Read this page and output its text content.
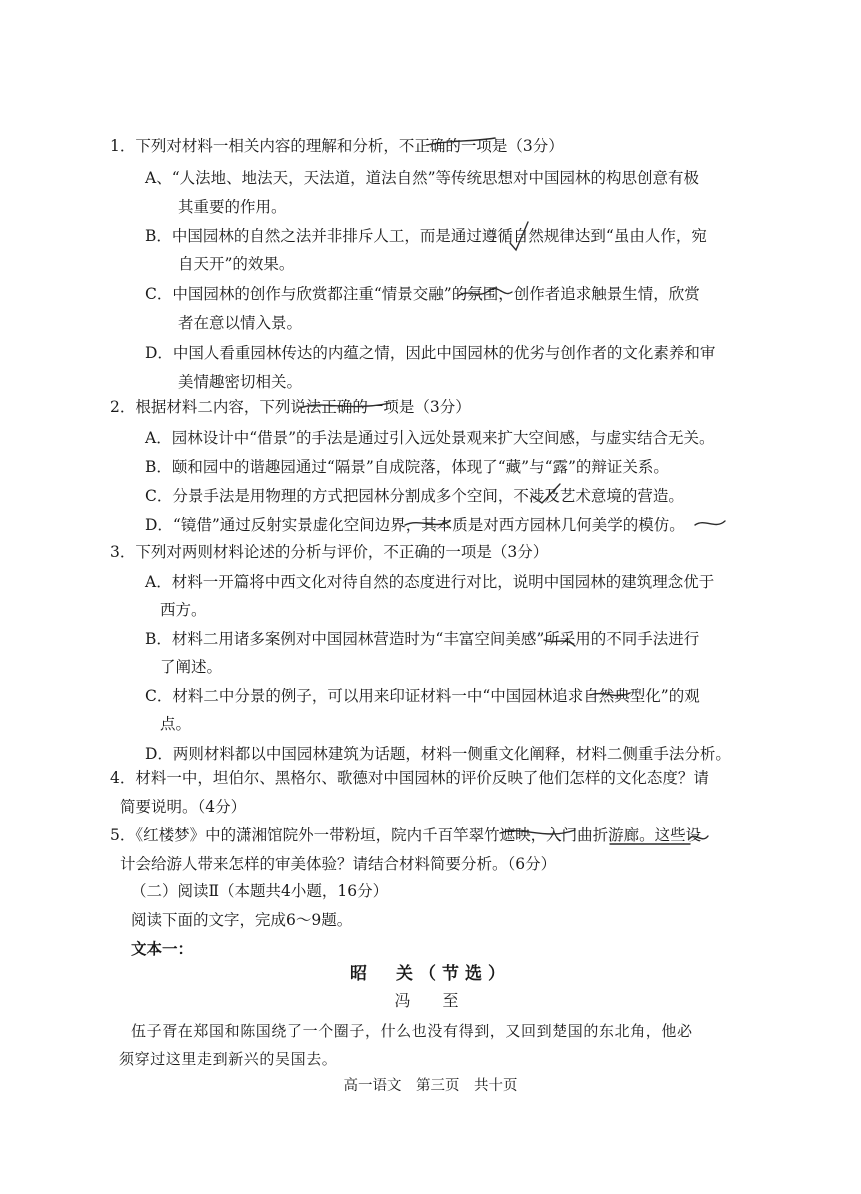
1．下列对材料一相关内容的理解和分析，不正确的一项是（3分）
A、“人法地、地法天，天法道，道法自然”等传统思想对中国园林的构思创意有极
其重要的作用。
B．中国园林的自然之法并非排斥人工，而是通过遵循自然规律达到“虽由人作，宛
自天开”的效果。
C．中国园林的创作与欣赏都注重“情景交融”的氛围，创作者追求触景生情，欣赏
者在意以情入景。
D．中国人看重园林传达的内蕴之情，因此中国园林的优劣与创作者的文化素养和审
美情趣密切相关。
2．根据材料二内容，下列说法正确的一项是（3分）
A．园林设计中“借景”的手法是通过引入远处景观来扩大空间感，与虚实结合无关。
B．颐和园中的谐趣园通过“隔景”自成院落，体现了“藏”与“露”的辩证关系。
C．分景手法是用物理的方式把园林分割成多个空间，不涉及艺术意境的营造。
D．“镜借”通过反射实景虚化空间边界，其本质是对西方园林几何美学的模仿。
3．下列对两则材料论述的分析与评价，不正确的一项是（3分）
A．材料一开篇将中西文化对待自然的态度进行对比，说明中国园林的建筑理念优于
西方。
B．材料二用诸多案例对中国园林营造时为“丰富空间美感”所采用的不同手法进行
了阐述。
C．材料二中分景的例子，可以用来印证材料一中“中国园林追求自然典型化”的观
点。
D．两则材料都以中国园林建筑为话题，材料一侧重文化阐释，材料二侧重手法分析。
4．材料一中，坦伯尔、黑格尔、歌德对中国园林的评价反映了他们怎样的文化态度？请
简要说明。（4分）
5．《红楼梦》中的潇湘馆院外一带粉垣，院内千百竿翠竹遮映，入门曲折游廊。这些设
计会给游人带来怎样的审美体验？请结合材料简要分析。（6分）
（二）阅读Ⅱ（本题共4小题，16分）
阅读下面的文字，完成6～9题。
文本一：
昭　关（节选）
冯　至
伍子胥在郑国和陈国绕了一个圈子，什么也没有得到，又回到楚国的东北角，他必
须穿过这里走到新兴的吴国去。
高一语文　第三页　共十页
